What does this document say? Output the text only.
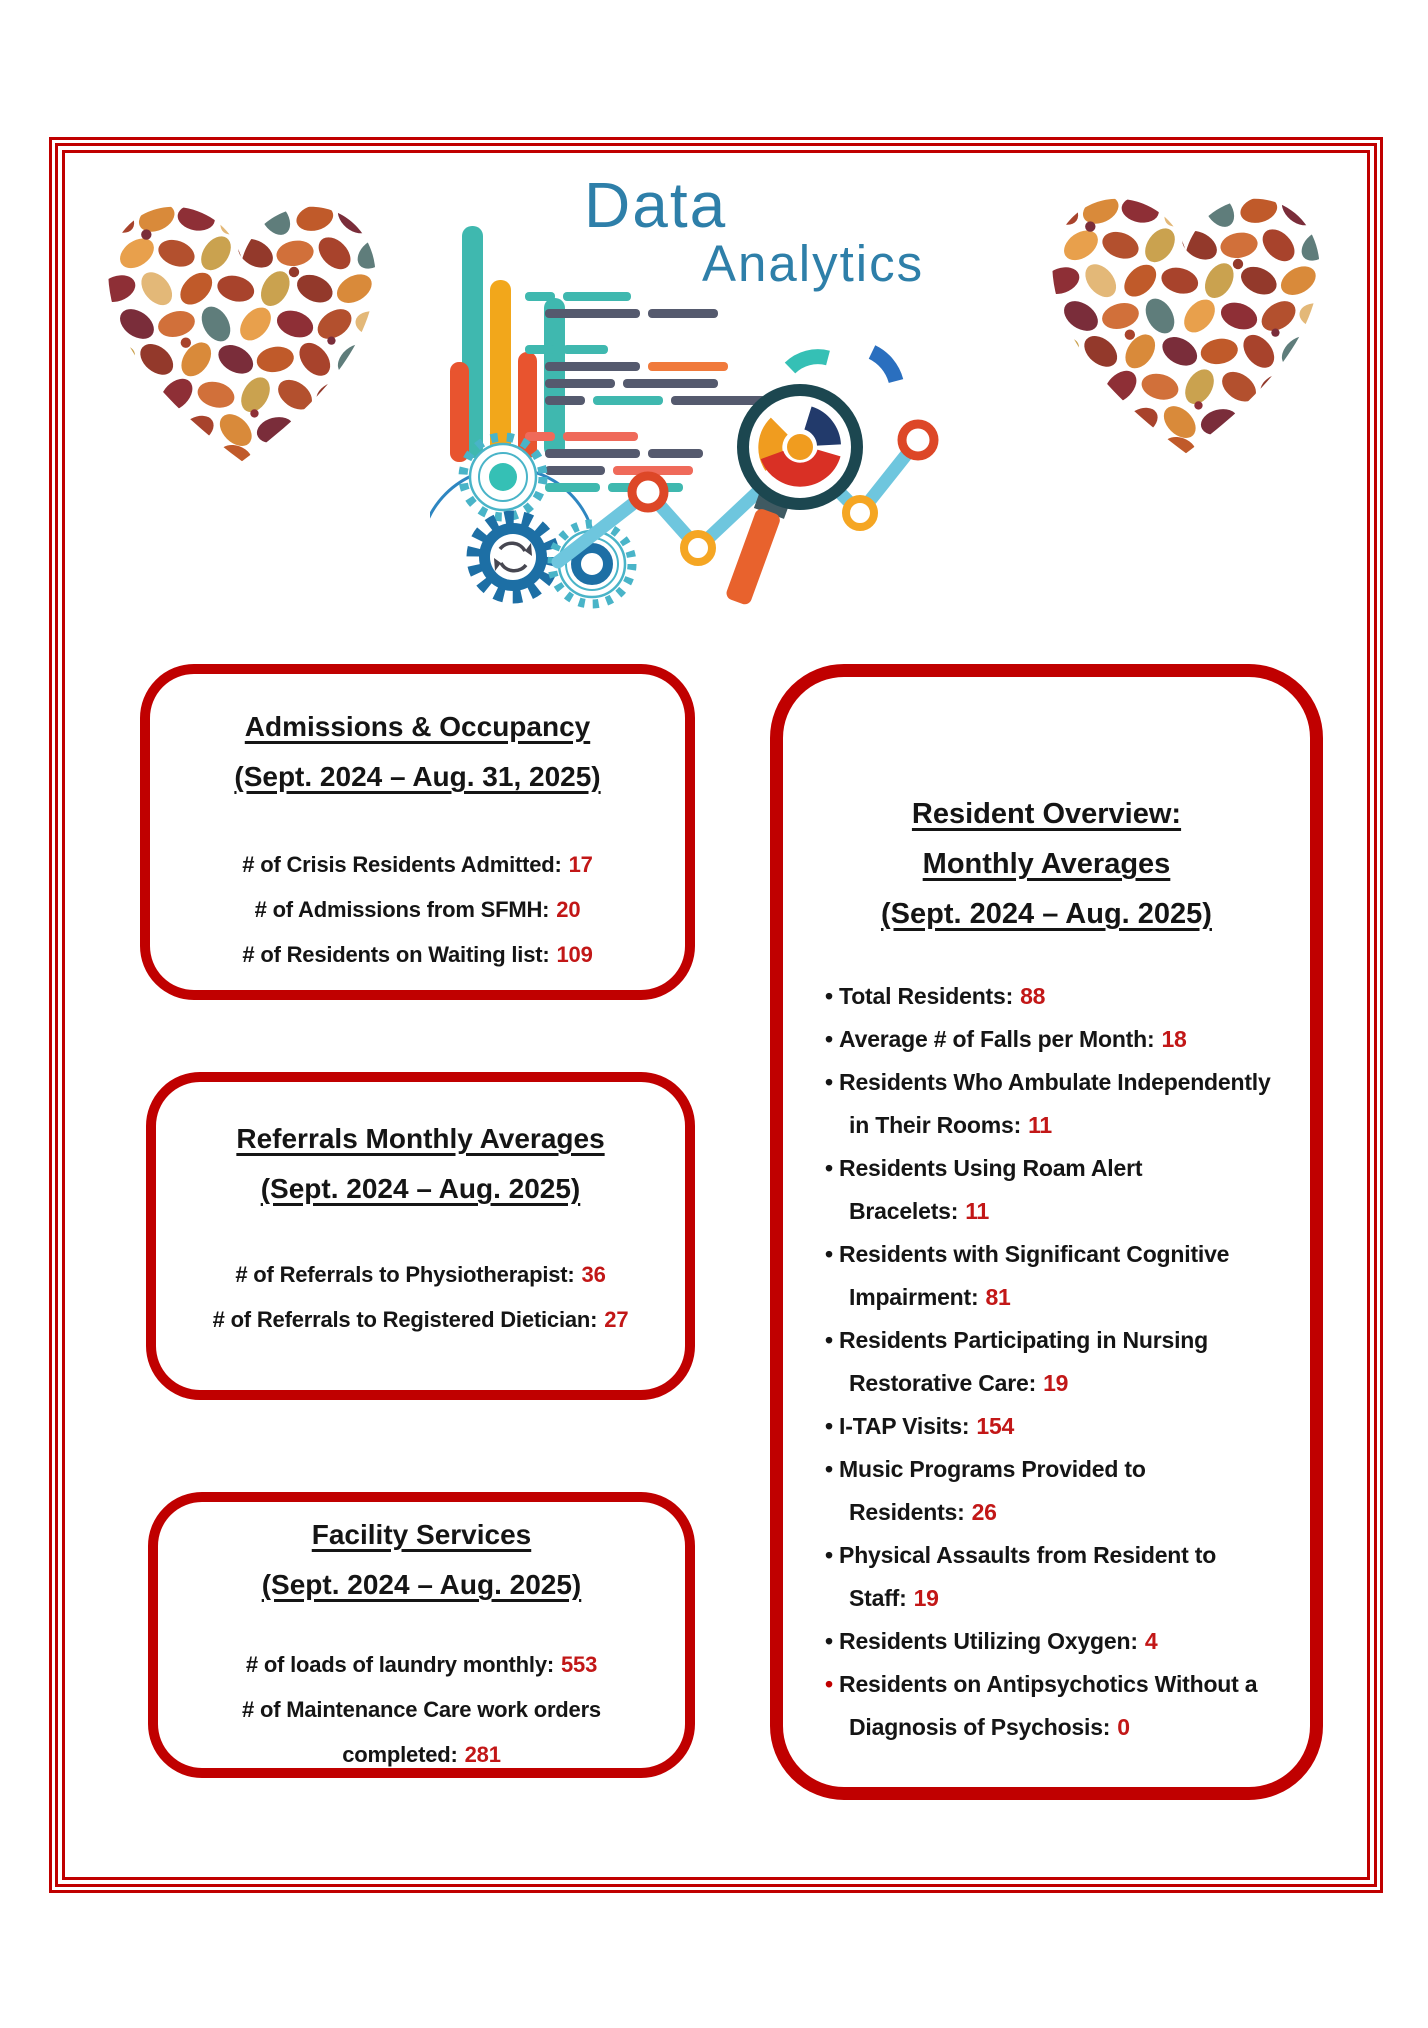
Data
Analytics
Admissions & Occupancy
(Sept. 2024 – Aug. 31, 2025)
# of Crisis Residents Admitted: 17
# of Admissions from SFMH: 20
# of Residents on Waiting list: 109
Referrals Monthly Averages
(Sept. 2024 – Aug. 2025)
# of Referrals to Physiotherapist: 36
# of Referrals to Registered Dietician: 27
Facility Services
(Sept. 2024 – Aug. 2025)
# of loads of laundry monthly: 553
# of Maintenance Care work orders completed: 281
Resident Overview:
Monthly Averages
(Sept. 2024 – Aug. 2025)
• Total Residents: 88
• Average # of Falls per Month: 18
• Residents Who Ambulate Independently in Their Rooms: 11
• Residents Using Roam Alert Bracelets: 11
• Residents with Significant Cognitive Impairment: 81
• Residents Participating in Nursing Restorative Care: 19
• I-TAP Visits: 154
• Music Programs Provided to Residents: 26
• Physical Assaults from Resident to Staff: 19
• Residents Utilizing Oxygen: 4
• Residents on Antipsychotics Without a Diagnosis of Psychosis: 0
